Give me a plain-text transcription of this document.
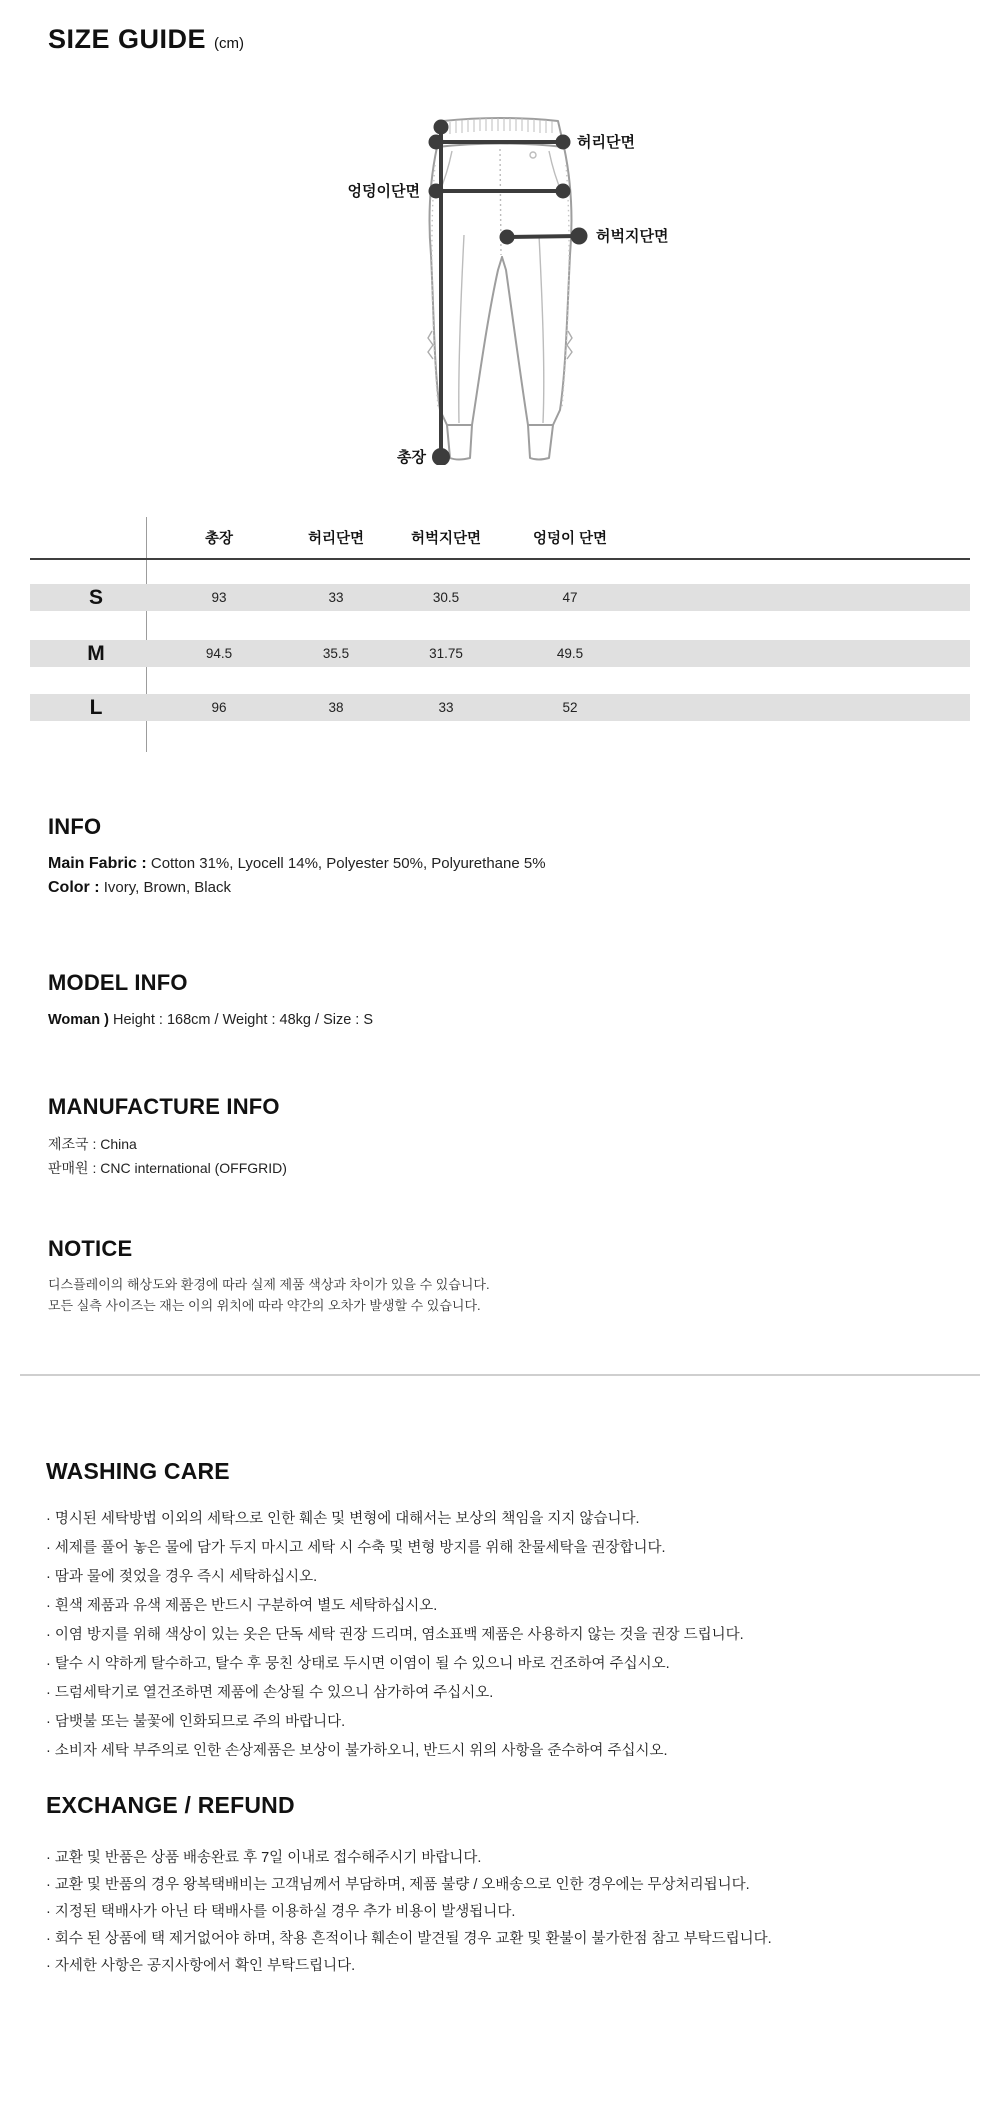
SIZE GUIDE (cm)
허리단면
엉덩이단면
허벅지단면
총장
총장	허리단면	허벅지단면	엉덩이 단면
S	93	33	30.5	47
M	94.5	35.5	31.75	49.5
L	96	38	33	52
INFO
Main Fabric : Cotton 31%, Lyocell 14%, Polyester 50%, Polyurethane 5%
Color : Ivory, Brown, Black
MODEL INFO
Woman ) Height : 168cm / Weight : 48kg / Size : S
MANUFACTURE INFO
제조국 : China
판매원 : CNC international (OFFGRID)
NOTICE
디스플레이의 해상도와 환경에 따라 실제 제품 색상과 차이가 있을 수 있습니다.
모든 실측 사이즈는 재는 이의 위치에 따라 약간의 오차가 발생할 수 있습니다.
WASHING CARE
· 명시된 세탁방법 이외의 세탁으로 인한 훼손 및 변형에 대해서는 보상의 책임을 지지 않습니다.
· 세제를 풀어 놓은 물에 담가 두지 마시고 세탁 시 수축 및 변형 방지를 위해 찬물세탁을 권장합니다.
· 땀과 물에 젖었을 경우 즉시 세탁하십시오.
· 흰색 제품과 유색 제품은 반드시 구분하여 별도 세탁하십시오.
· 이염 방지를 위해 색상이 있는 옷은 단독 세탁 권장 드리며, 염소표백 제품은 사용하지 않는 것을 권장 드립니다.
· 탈수 시 약하게 탈수하고, 탈수 후 뭉친 상태로 두시면 이염이 될 수 있으니 바로 건조하여 주십시오.
· 드럼세탁기로 열건조하면 제품에 손상될 수 있으니 삼가하여 주십시오.
· 담뱃불 또는 불꽃에 인화되므로 주의 바랍니다.
· 소비자 세탁 부주의로 인한 손상제품은 보상이 불가하오니, 반드시 위의 사항을 준수하여 주십시오.
EXCHANGE / REFUND
· 교환 및 반품은 상품 배송완료 후 7일 이내로 접수해주시기 바랍니다.
· 교환 및 반품의 경우 왕복택배비는 고객님께서 부담하며, 제품 불량 / 오배송으로 인한 경우에는 무상처리됩니다.
· 지정된 택배사가 아닌 타 택배사를 이용하실 경우 추가 비용이 발생됩니다.
· 회수 된 상품에 택 제거없어야 하며, 착용 흔적이나 훼손이 발견될 경우 교환 및 환불이 불가한점 참고 부탁드립니다.
· 자세한 사항은 공지사항에서 확인 부탁드립니다.
